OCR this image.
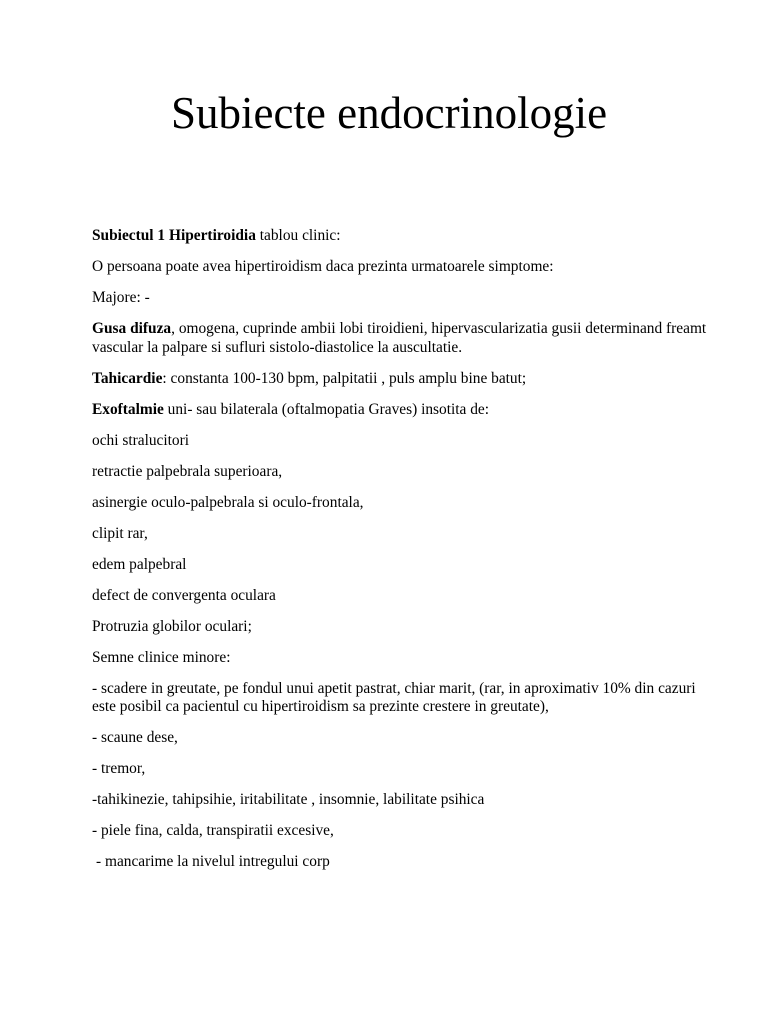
Subiecte endocrinologie

Subiectul 1 Hipertiroidia tablou clinic:

O persoana poate avea hipertiroidism daca prezinta urmatoarele simptome:

Majore: -

Gusa difuza, omogena, cuprinde ambii lobi tiroidieni, hipervascularizatia gusii determinand freamt vascular la palpare si sufluri sistolo-diastolice la auscultatie.

Tahicardie: constanta 100-130 bpm, palpitatii , puls amplu bine batut;

Exoftalmie uni- sau bilaterala (oftalmopatia Graves) insotita de:

ochi stralucitori

retractie palpebrala superioara,

asinergie oculo-palpebrala si oculo-frontala,

clipit rar,

edem palpebral

defect de convergenta oculara

Protruzia globilor oculari;

Semne clinice minore:

- scadere in greutate, pe fondul unui apetit pastrat, chiar marit, (rar, in aproximativ 10% din cazuri este posibil ca pacientul cu hipertiroidism sa prezinte crestere in greutate),

- scaune dese,

- tremor,

-tahikinezie, tahipsihie, iritabilitate , insomnie, labilitate psihica

- piele fina, calda, transpiratii excesive,

- mancarime la nivelul intregului corp
